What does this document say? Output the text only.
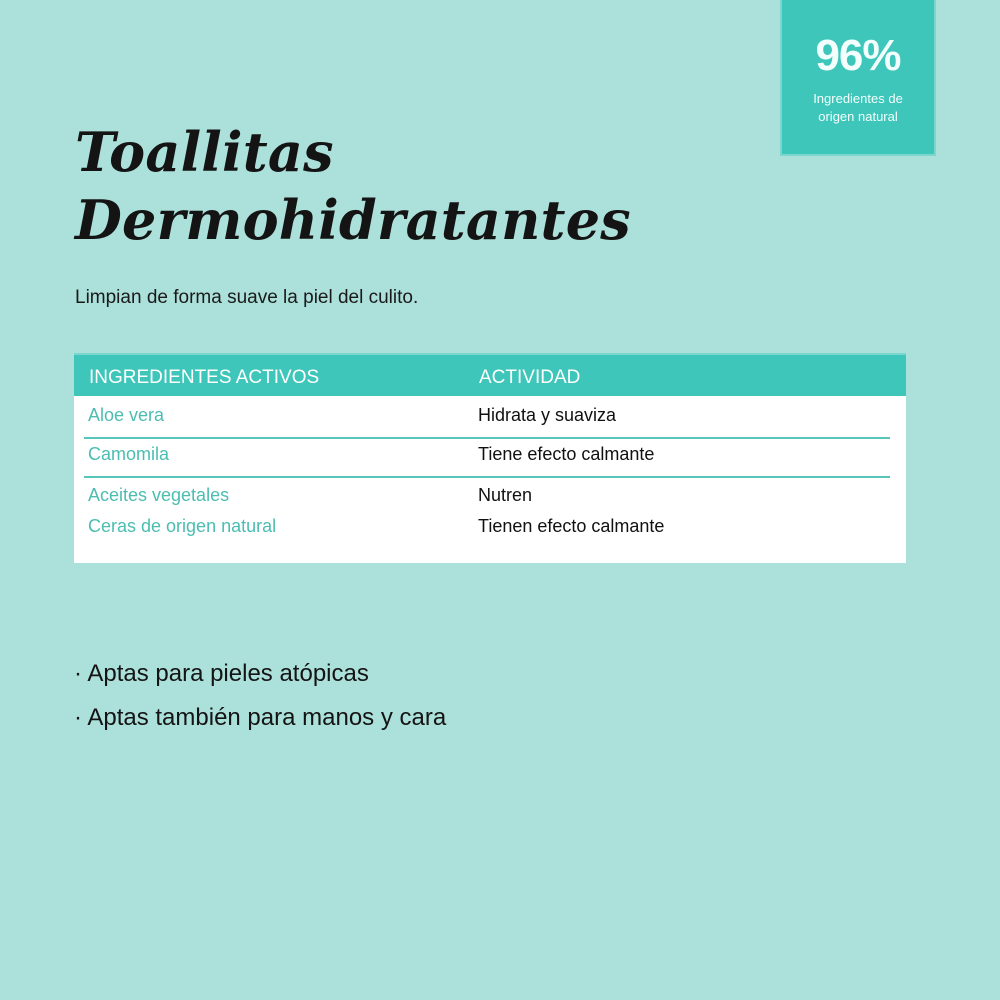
96%
Ingredientes de
origen natural
Toallitas
Dermohidratantes

Limpian de forma suave la piel del culito.

INGREDIENTES ACTIVOS	ACTIVIDAD
Aloe vera	Hidrata y suaviza
Camomila	Tiene efecto calmante
Aceites vegetales	Nutren
Ceras de origen natural	Tienen efecto calmante
· Aptas para pieles atópicas
· Aptas también para manos y cara
